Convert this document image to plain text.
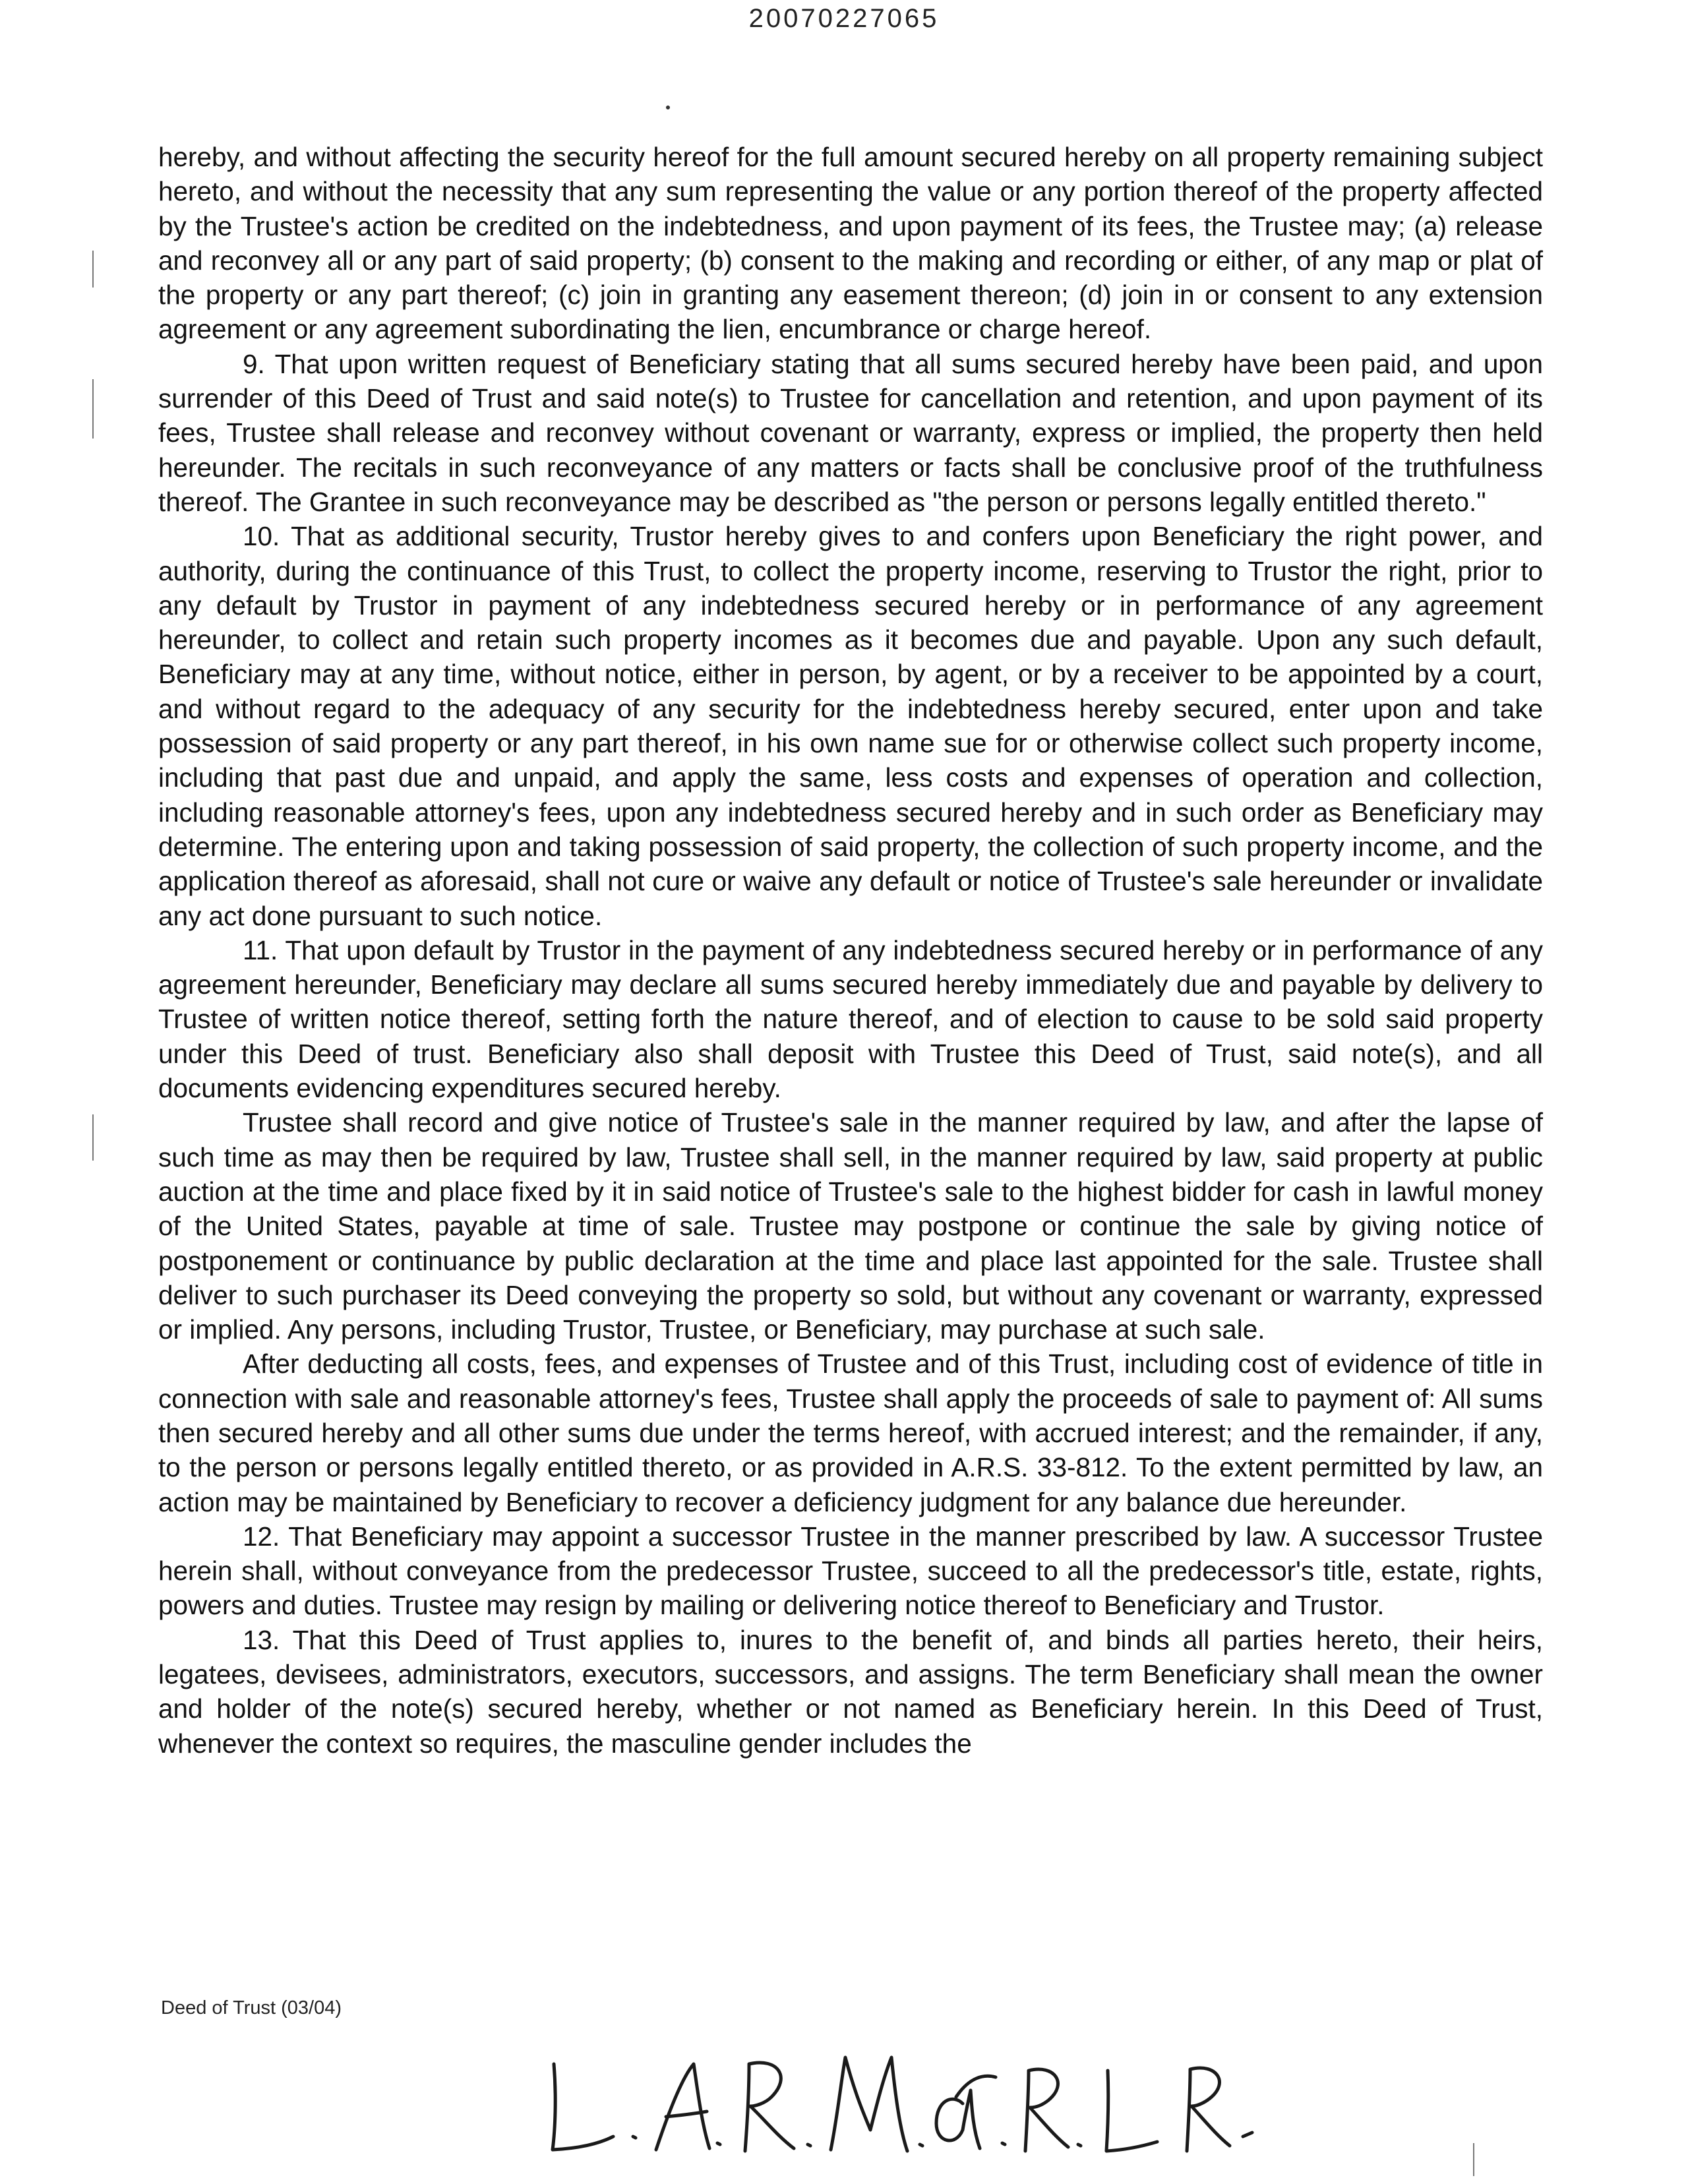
20070227065

hereby, and without affecting the security hereof for the full amount secured hereby on all property remaining subject hereto, and without the necessity that any sum representing the value or any portion thereof of the property affected by the Trustee's action be credited on the indebtedness, and upon payment of its fees, the Trustee may; (a) release and reconvey all or any part of said property; (b) consent to the making and recording or either, of any map or plat of the property or any part thereof; (c) join in granting any easement thereon; (d) join in or consent to any extension agreement or any agreement subordinating the lien, encumbrance or charge hereof.

9. That upon written request of Beneficiary stating that all sums secured hereby have been paid, and upon surrender of this Deed of Trust and said note(s) to Trustee for cancellation and retention, and upon payment of its fees, Trustee shall release and reconvey without covenant or warranty, express or implied, the property then held hereunder. The recitals in such reconveyance of any matters or facts shall be conclusive proof of the truthfulness thereof. The Grantee in such reconveyance may be described as "the person or persons legally entitled thereto."

10. That as additional security, Trustor hereby gives to and confers upon Beneficiary the right power, and authority, during the continuance of this Trust, to collect the property income, reserving to Trustor the right, prior to any default by Trustor in payment of any indebtedness secured hereby or in performance of any agreement hereunder, to collect and retain such property incomes as it becomes due and payable. Upon any such default, Beneficiary may at any time, without notice, either in person, by agent, or by a receiver to be appointed by a court, and without regard to the adequacy of any security for the indebtedness hereby secured, enter upon and take possession of said property or any part thereof, in his own name sue for or otherwise collect such property income, including that past due and unpaid, and apply the same, less costs and expenses of operation and collection, including reasonable attorney's fees, upon any indebtedness secured hereby and in such order as Beneficiary may determine. The entering upon and taking possession of said property, the collection of such property income, and the application thereof as aforesaid, shall not cure or waive any default or notice of Trustee's sale hereunder or invalidate any act done pursuant to such notice.

11. That upon default by Trustor in the payment of any indebtedness secured hereby or in performance of any agreement hereunder, Beneficiary may declare all sums secured hereby immediately due and payable by delivery to Trustee of written notice thereof, setting forth the nature thereof, and of election to cause to be sold said property under this Deed of trust. Beneficiary also shall deposit with Trustee this Deed of Trust, said note(s), and all documents evidencing expenditures secured hereby.

Trustee shall record and give notice of Trustee's sale in the manner required by law, and after the lapse of such time as may then be required by law, Trustee shall sell, in the manner required by law, said property at public auction at the time and place fixed by it in said notice of Trustee's sale to the highest bidder for cash in lawful money of the United States, payable at time of sale. Trustee may postpone or continue the sale by giving notice of postponement or continuance by public declaration at the time and place last appointed for the sale. Trustee shall deliver to such purchaser its Deed conveying the property so sold, but without any covenant or warranty, expressed or implied. Any persons, including Trustor, Trustee, or Beneficiary, may purchase at such sale.

After deducting all costs, fees, and expenses of Trustee and of this Trust, including cost of evidence of title in connection with sale and reasonable attorney's fees, Trustee shall apply the proceeds of sale to payment of: All sums then secured hereby and all other sums due under the terms hereof, with accrued interest; and the remainder, if any, to the person or persons legally entitled thereto, or as provided in A.R.S. 33-812. To the extent permitted by law, an action may be maintained by Beneficiary to recover a deficiency judgment for any balance due hereunder.

12. That Beneficiary may appoint a successor Trustee in the manner prescribed by law. A successor Trustee herein shall, without conveyance from the predecessor Trustee, succeed to all the predecessor's title, estate, rights, powers and duties. Trustee may resign by mailing or delivering notice thereof to Beneficiary and Trustor.

13. That this Deed of Trust applies to, inures to the benefit of, and binds all parties hereto, their heirs, legatees, devisees, administrators, executors, successors, and assigns. The term Beneficiary shall mean the owner and holder of the note(s) secured hereby, whether or not named as Beneficiary herein. In this Deed of Trust, whenever the context so requires, the masculine gender includes the

Deed of Trust (03/04)
